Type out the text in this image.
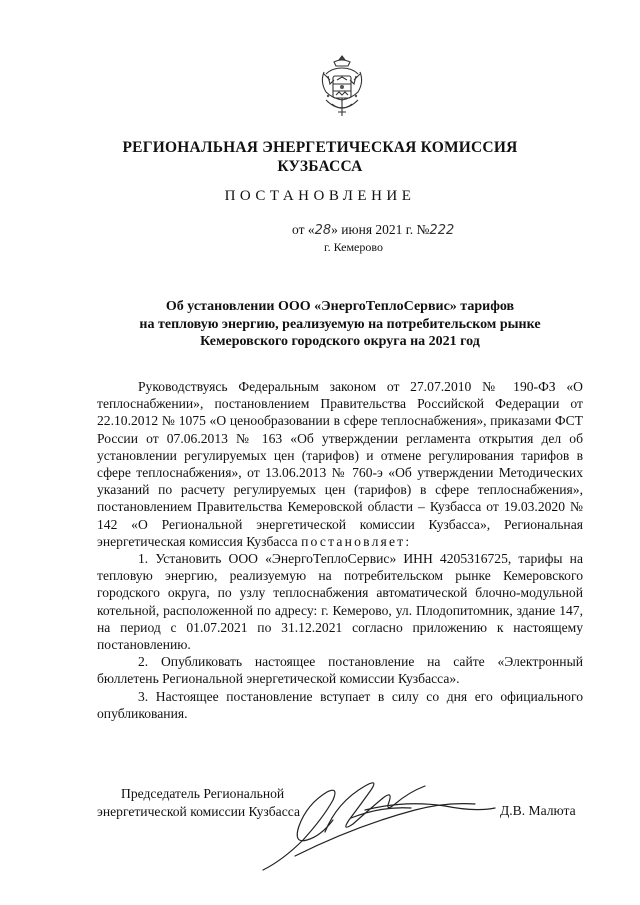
РЕГИОНАЛЬНАЯ ЭНЕРГЕТИЧЕСКАЯ КОМИССИЯ
КУЗБАССА
ПОСТАНОВЛЕНИЕ
от «28» июня 2021 г. №222
г. Кемерово
Об установлении ООО «ЭнергоТеплоСервис» тарифов
на тепловую энергию, реализуемую на потребительском рынке
Кемеровского городского округа на 2021 год

Руководствуясь Федеральным законом от 27.07.2010 № 190-ФЗ «О теплоснабжении», постановлением Правительства Российской Федерации от 22.10.2012 № 1075 «О ценообразовании в сфере теплоснабжения», приказами ФСТ России от 07.06.2013 № 163 «Об утверждении регламента открытия дел об установлении регулируемых цен (тарифов) и отмене регулирования тарифов в сфере теплоснабжения», от 13.06.2013 № 760-э «Об утверждении Методических указаний по расчету регулируемых цен (тарифов) в сфере теплоснабжения», постановлением Правительства Кемеровской области – Кузбасса от 19.03.2020 № 142 «О Региональной энергетической комиссии Кузбасса», Региональная энергетическая комиссия Кузбасса постановляет:

1. Установить ООО «ЭнергоТеплоСервис» ИНН 4205316725, тарифы на тепловую энергию, реализуемую на потребительском рынке Кемеровского городского округа, по узлу теплоснабжения автоматической блочно-модульной котельной, расположенной по адресу: г. Кемерово, ул. Плодопитомник, здание 147, на период с 01.07.2021 по 31.12.2021 согласно приложению к настоящему постановлению.

2. Опубликовать настоящее постановление на сайте «Электронный бюллетень Региональной энергетической комиссии Кузбасса».

3. Настоящее постановление вступает в силу со дня его официального опубликования.

Председатель Региональной
энергетической комиссии Кузбасса	Д.В. Малюта
